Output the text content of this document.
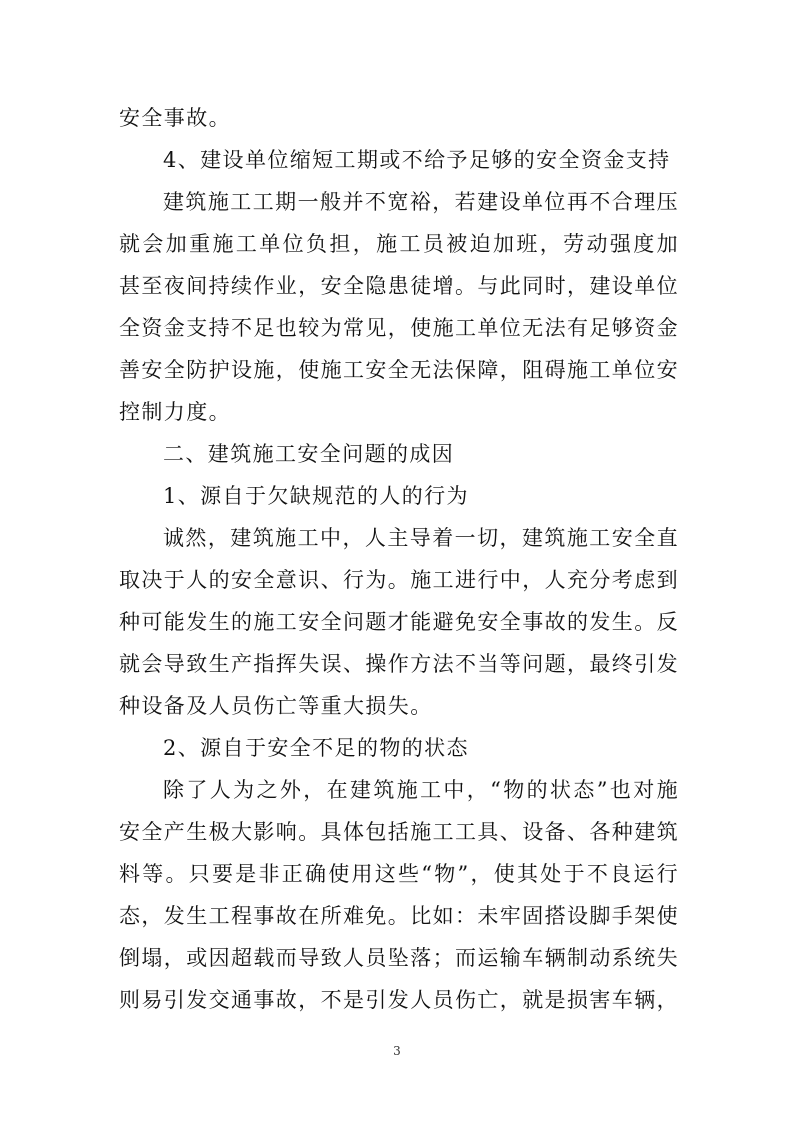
安全事故。
4、建设单位缩短工期或不给予足够的安全资金支持
建筑施工工期一般并不宽裕，若建设单位再不合理压
就会加重施工单位负担，施工员被迫加班，劳动强度加
甚至夜间持续作业，安全隐患徒增。与此同时，建设单位
全资金支持不足也较为常见，使施工单位无法有足够资金
善安全防护设施，使施工安全无法保障，阻碍施工单位安
控制力度。
二、建筑施工安全问题的成因
1、源自于欠缺规范的人的行为
诚然，建筑施工中，人主导着一切，建筑施工安全直
取决于人的安全意识、行为。施工进行中，人充分考虑到
种可能发生的施工安全问题才能避免安全事故的发生。反
就会导致生产指挥失误、操作方法不当等问题，最终引发
种设备及人员伤亡等重大损失。
2、源自于安全不足的物的状态
除了人为之外，在建筑施工中，“物的状态”也对施
安全产生极大影响。具体包括施工工具、设备、各种建筑
料等。只要是非正确使用这些“物”，使其处于不良运行
态，发生工程事故在所难免。比如：未牢固搭设脚手架使
倒塌，或因超载而导致人员坠落；而运输车辆制动系统失
则易引发交通事故，不是引发人员伤亡，就是损害车辆，
3
